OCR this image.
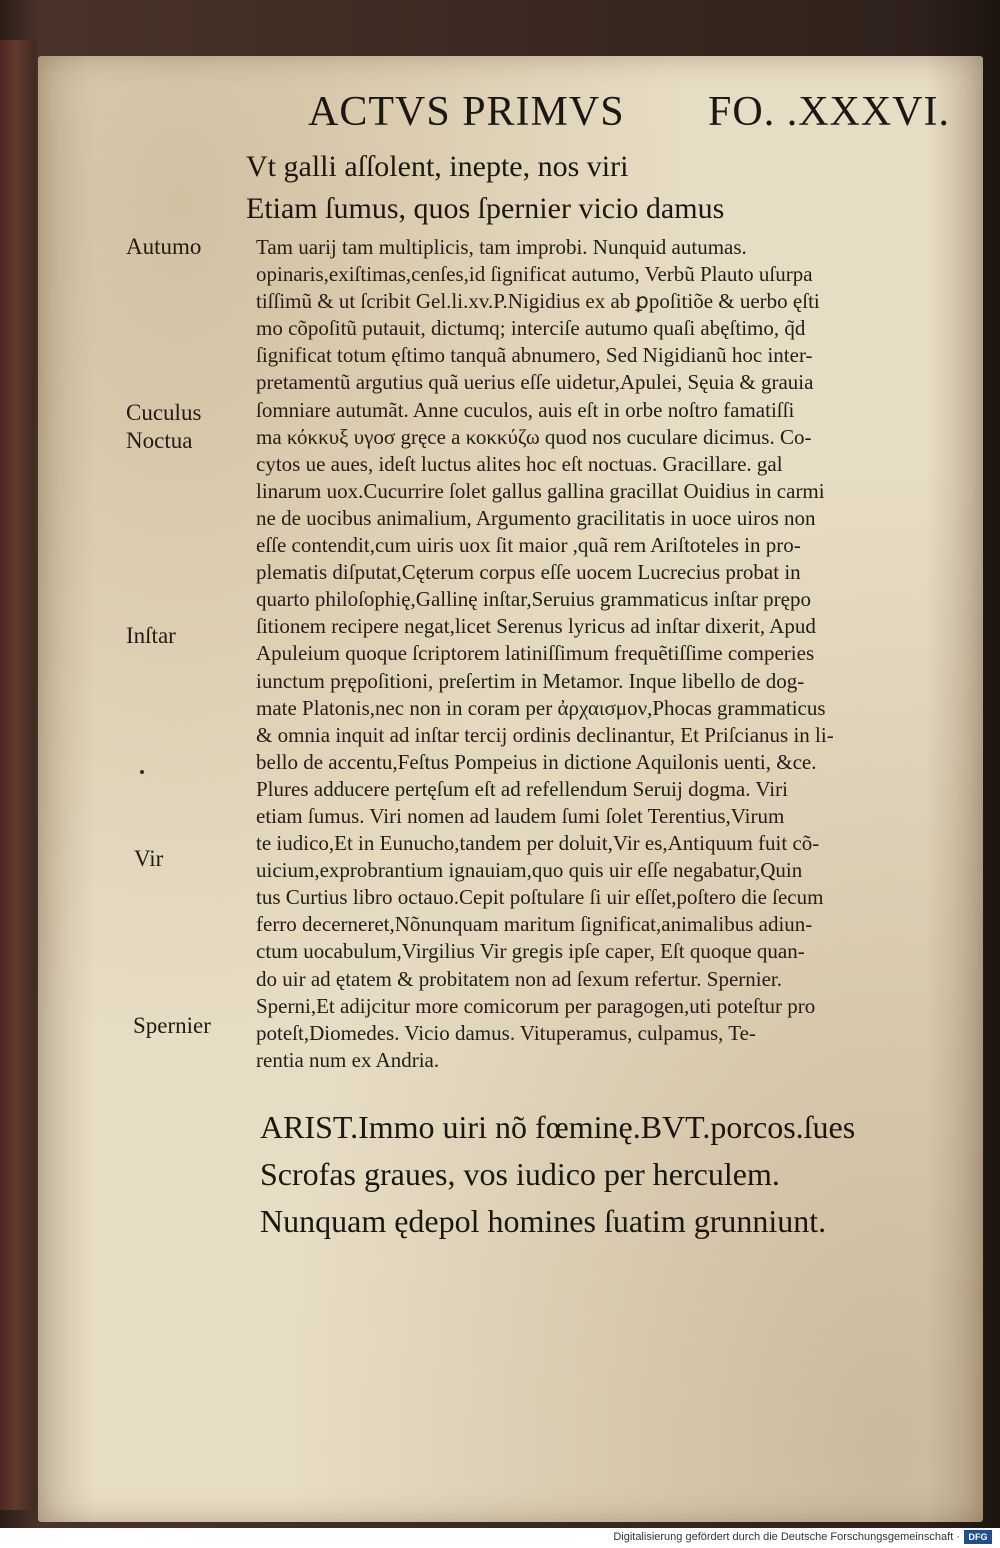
ACTVS PRIMVS FO. .XXXVI.
Vt galli aſſolent, inepte, nos viri
Etiam ſumus, quos ſpernier vicio damus
Autumo
Cuculus
Noctua
Inſtar
Vir
Spernier
Tam uarij tam multiplicis, tam improbi. Nunquid autumas.
opinaris,exiſtimas,cenſes,id ſignificat autumo, Verbũ Plauto uſurpa
tiſſimũ & ut ſcribit Gel.li.xv.P.Nigidius ex ab ꝑpoſitiõe & uerbo ęſti
mo cõpoſitũ putauit, dictumq; interciſe autumo quaſi abęſtimo, q̃d
ſignificat totum ęſtimo tanquã abnumero, Sed Nigidianũ hoc inter-
pretamentũ argutius quã uerius eſſe uidetur,Apulei, Sęuia & grauia
ſomniare autumãt. Anne cuculos, auis eſt in orbe noſtro famatiſſi
ma κόκκυξ υγοσ gręce a κοκκύζω quod nos cuculare dicimus. Co-
cytos ue aues, ideſt luctus alites hoc eſt noctuas. Gracillare. gal
linarum uox.Cucurrire ſolet gallus gallina gracillat Ouidius in carmi
ne de uocibus animalium, Argumento gracilitatis in uoce uiros non
eſſe contendit,cum uiris uox ſit maior ,quã rem Ariſtoteles in pro-
plematis diſputat,Cęterum corpus eſſe uocem Lucrecius probat in
quarto philoſophię,Gallinę inſtar,Seruius grammaticus inſtar prępo
ſitionem recipere negat,licet Serenus lyricus ad inſtar dixerit, Apud
Apuleium quoque ſcriptorem latiniſſimum frequẽtiſſime comperies
iunctum prępoſitioni, preſertim in Metamor. Inque libello de dog-
mate Platonis,nec non in coram per ἀρχαισμον,Phocas grammaticus
& omnia inquit ad inſtar tercij ordinis declinantur, Et Priſcianus in li-
bello de accentu,Feſtus Pompeius in dictione Aquilonis uenti, &ce.
Plures adducere pertęſum eſt ad refellendum Seruij dogma. Viri
etiam ſumus. Viri nomen ad laudem ſumi ſolet Terentius,Virum
te iudico,Et in Eunucho,tandem per doluit,Vir es,Antiquum fuit cõ-
uicium,exprobrantium ignauiam,quo quis uir eſſe negabatur,Quin
tus Curtius libro octauo.Cepit poſtulare ſi uir eſſet,poſtero die ſecum
ferro decerneret,Nõnunquam maritum ſignificat,animalibus adiun-
ctum uocabulum,Virgilius Vir gregis ipſe caper, Eſt quoque quan-
do uir ad ętatem & probitatem non ad ſexum refertur. Spernier.
Sperni,Et adijcitur more comicorum per paragogen,uti poteſtur pro
poteſt,Diomedes. Vicio damus. Vituperamus, culpamus, Te-
rentia num ex Andria.
ARIST.Immo uiri nõ fœminę.BVT.porcos.ſues
Scrofas graues, vos iudico per herculem.
Nunquam ędepol homines ſuatim grunniunt.
Digitalisierung gefördert durch die Deutsche Forschungsgemeinschaft · DFG
